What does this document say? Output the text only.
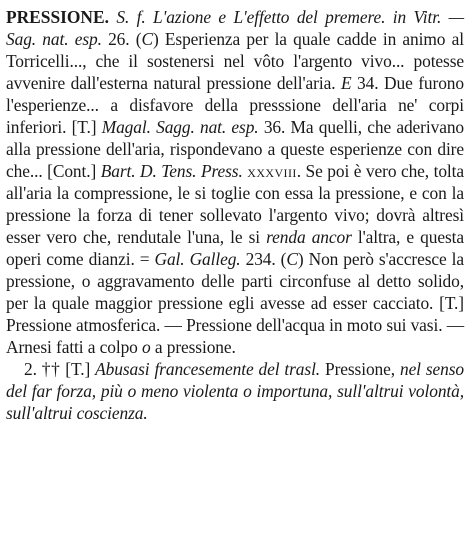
PRESSIONE. S. f. L'azione e L'effetto del premere. in Vitr. — Sag. nat. esp. 26. (C) Esperienza per la quale cadde in animo al Torricelli..., che il sostenersi nel vôto l'argento vivo... potesse avvenire dall'esterna natural pressione dell'aria. E 34. Due furono l'esperienze... a disfavore della presssione dell'aria ne' corpi inferiori. [T.] Magal. Sagg. nat. esp. 36. Ma quelli, che aderivano alla pressione dell'aria, rispondevano a queste esperienze con dire che... [Cont.] Bart. D. Tens. Press. xxxviii. Se poi è vero che, tolta all'aria la compressione, le si toglie con essa la pressione, e con la pressione la forza di tener sollevato l'argento vivo; dovrà altresì esser vero che, rendutale l'una, le si renda ancor l'altra, e questa operi come dianzi. = Gal. Galleg. 234. (C) Non però s'accresce la pressione, o aggravamento delle parti circonfuse al detto solido, per la quale maggior pressione egli avesse ad esser cacciato. [T.] Pressione atmosferica. — Pressione dell'acqua in moto sui vasi. — Arnesi fatti a colpo o a pressione.

2. †† [T.] Abusasi francesemente del trasl. Pressione, nel senso del far forza, più o meno violenta o importuna, sull'altrui volontà, sull'altrui coscienza.
